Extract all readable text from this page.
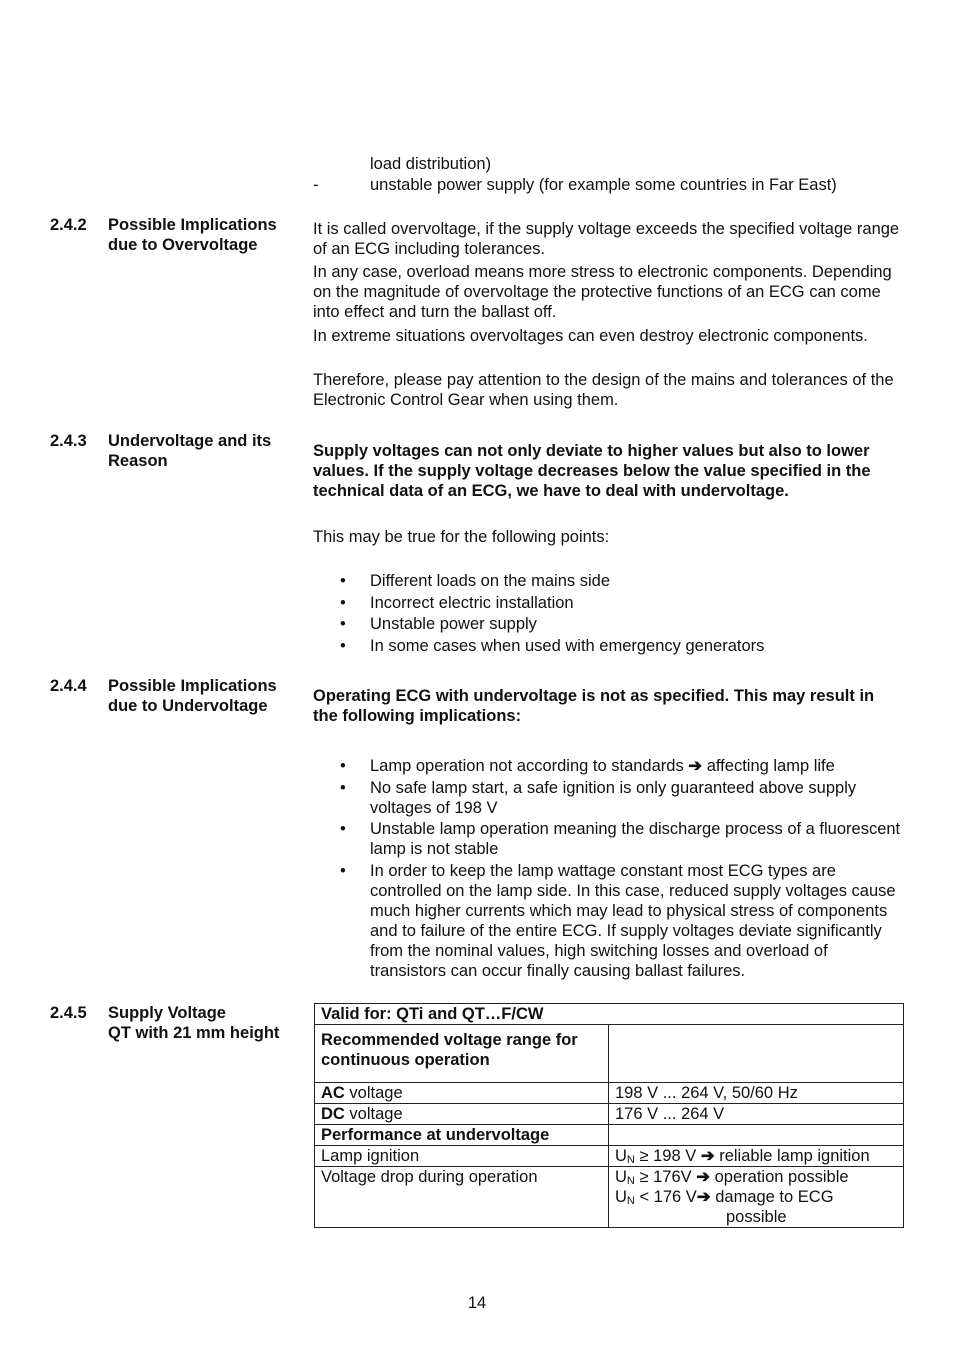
load distribution)
-	unstable power supply (for example some countries in Far East)
2.4.2 Possible Implications
due to Overvoltage
It is called overvoltage, if the supply voltage exceeds the specified voltage range of an ECG including tolerances.
In any case, overload means more stress to electronic components. Depending on the magnitude of overvoltage the protective functions of an ECG can come into effect and turn the ballast off.
In extreme situations overvoltages can even destroy electronic components.
Therefore, please pay attention to the design of the mains and tolerances of the Electronic Control Gear when using them.
2.4.3 Undervoltage and its
Reason
Supply voltages can not only deviate to higher values but also to lower values. If the supply voltage decreases below the value specified in the technical data of an ECG, we have to deal with undervoltage.
This may be true for the following points:
• Different loads on the mains side
• Incorrect electric installation
• Unstable power supply
• In some cases when used with emergency generators
2.4.4 Possible Implications
due to Undervoltage
Operating ECG with undervoltage is not as specified. This may result in the following implications:
• Lamp operation not according to standards ➔ affecting lamp life
• No safe lamp start, a safe ignition is only guaranteed above supply voltages of 198 V
• Unstable lamp operation meaning the discharge process of a fluorescent lamp is not stable
• In order to keep the lamp wattage constant most ECG types are controlled on the lamp side. In this case, reduced supply voltages cause much higher currents which may lead to physical stress of components and to failure of the entire ECG. If supply voltages deviate significantly from the nominal values, high switching losses and overload of transistors can occur finally causing ballast failures.
2.4.5 Supply Voltage
QT with 21 mm height
Valid for: QTi and QT…F/CW	
Recommended voltage range for continuous operation	
AC voltage	198 V ... 264 V, 50/60 Hz
DC voltage	176 V ... 264 V
Performance at undervoltage	
Lamp ignition	$U_N \ge 198$ V ➔ reliable lamp ignition
Voltage drop during operation	$U_N \ge 176V$ ➔ operation possible
$U_N < 176$ V➔ damage to ECG
possible
14
